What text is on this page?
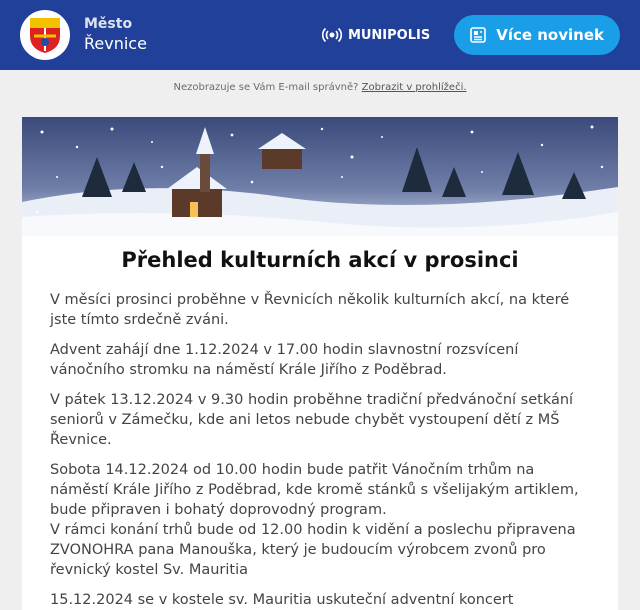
Město
Řevnice	MUNIPOLIS	Více novinek
Nezobrazuje se Vám E-mail správně? Zobrazit v prohlížeči.
Přehled kulturních akcí v prosinci

V měsíci prosinci proběhne v Řevnicích několik kulturních akcí, na které jste tímto srdečně zváni.

Advent zahájí dne 1.12.2024 v 17.00 hodin slavnostní rozsvícení vánočního stromku na náměstí Krále Jiřího z Poděbrad.

V pátek 13.12.2024 v 9.30 hodin proběhne tradiční předvánoční setkání seniorů v Zámečku, kde ani letos nebude chybět vystoupení dětí z MŠ Řevnice.

Sobota 14.12.2024 od 10.00 hodin bude patřit Vánočním trhům na náměstí Krále Jiřího z Poděbrad, kde kromě stánků s všelijakým artiklem, bude připraven i bohatý doprovodný program.

V rámci konání trhů bude od 12.00 hodin k vidění a poslechu připravena ZVONOHRA pana Manouška, který je budoucím výrobcem zvonů pro řevnický kostel Sv. Mauritia

15.12.2024 se v kostele sv. Mauritia uskuteční adventní koncert
